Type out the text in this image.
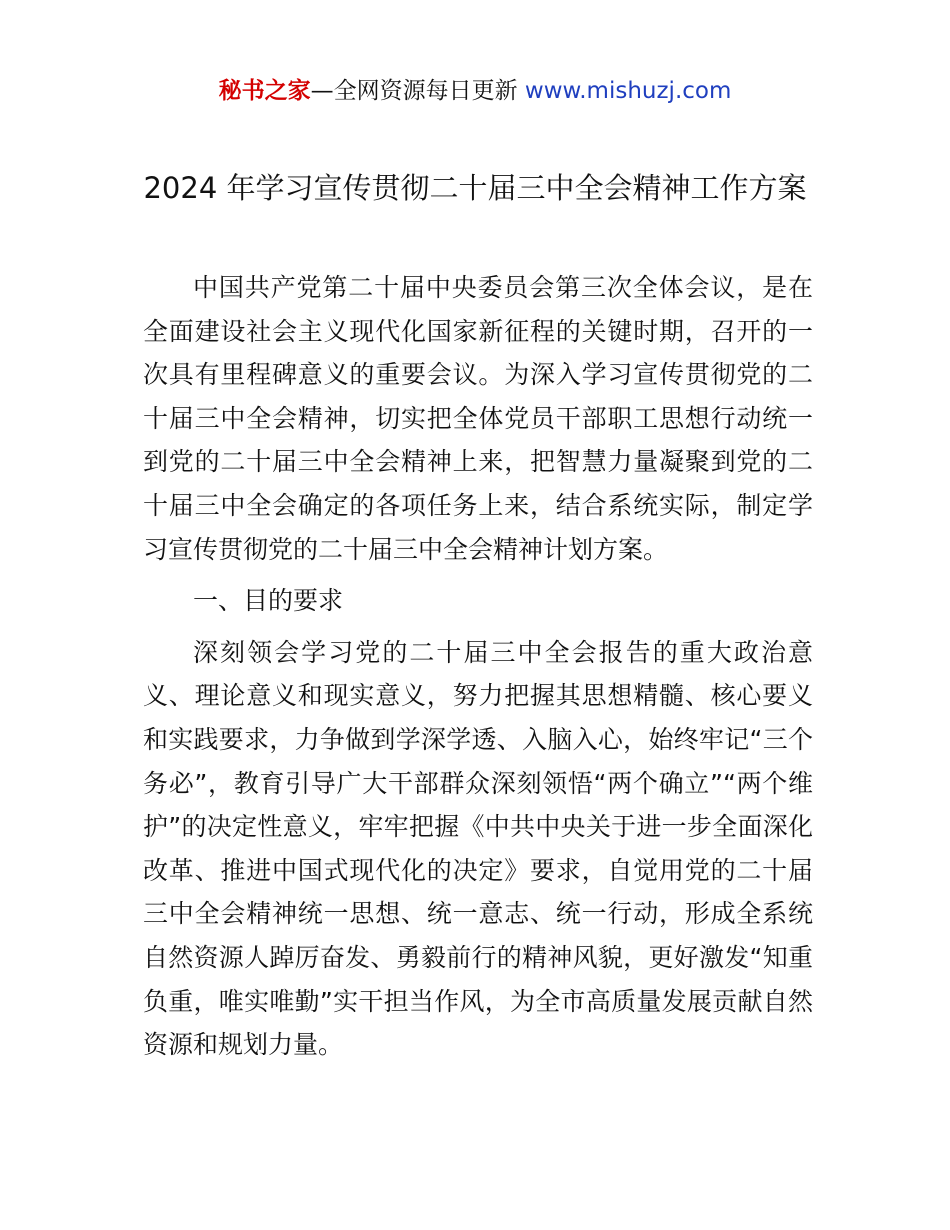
秘书之家—全网资源每日更新 www.mishuzj.com
2024 年学习宣传贯彻二十届三中全会精神工作方案

中国共产党第二十届中央委员会第三次全体会议，是在全面建设社会主义现代化国家新征程的关键时期，召开的一次具有里程碑意义的重要会议。为深入学习宣传贯彻党的二十届三中全会精神，切实把全体党员干部职工思想行动统一到党的二十届三中全会精神上来，把智慧力量凝聚到党的二十届三中全会确定的各项任务上来，结合系统实际，制定学习宣传贯彻党的二十届三中全会精神计划方案。

一、目的要求

深刻领会学习党的二十届三中全会报告的重大政治意义、理论意义和现实意义，努力把握其思想精髓、核心要义和实践要求，力争做到学深学透、入脑入心，始终牢记“三个务必”，教育引导广大干部群众深刻领悟“两个确立”“两个维护”的决定性意义，牢牢把握《中共中央关于进一步全面深化改革、推进中国式现代化的决定》要求，自觉用党的二十届三中全会精神统一思想、统一意志、统一行动，形成全系统自然资源人踔厉奋发、勇毅前行的精神风貌，更好激发“知重负重，唯实唯勤”实干担当作风，为全市高质量发展贡献自然资源和规划力量。
